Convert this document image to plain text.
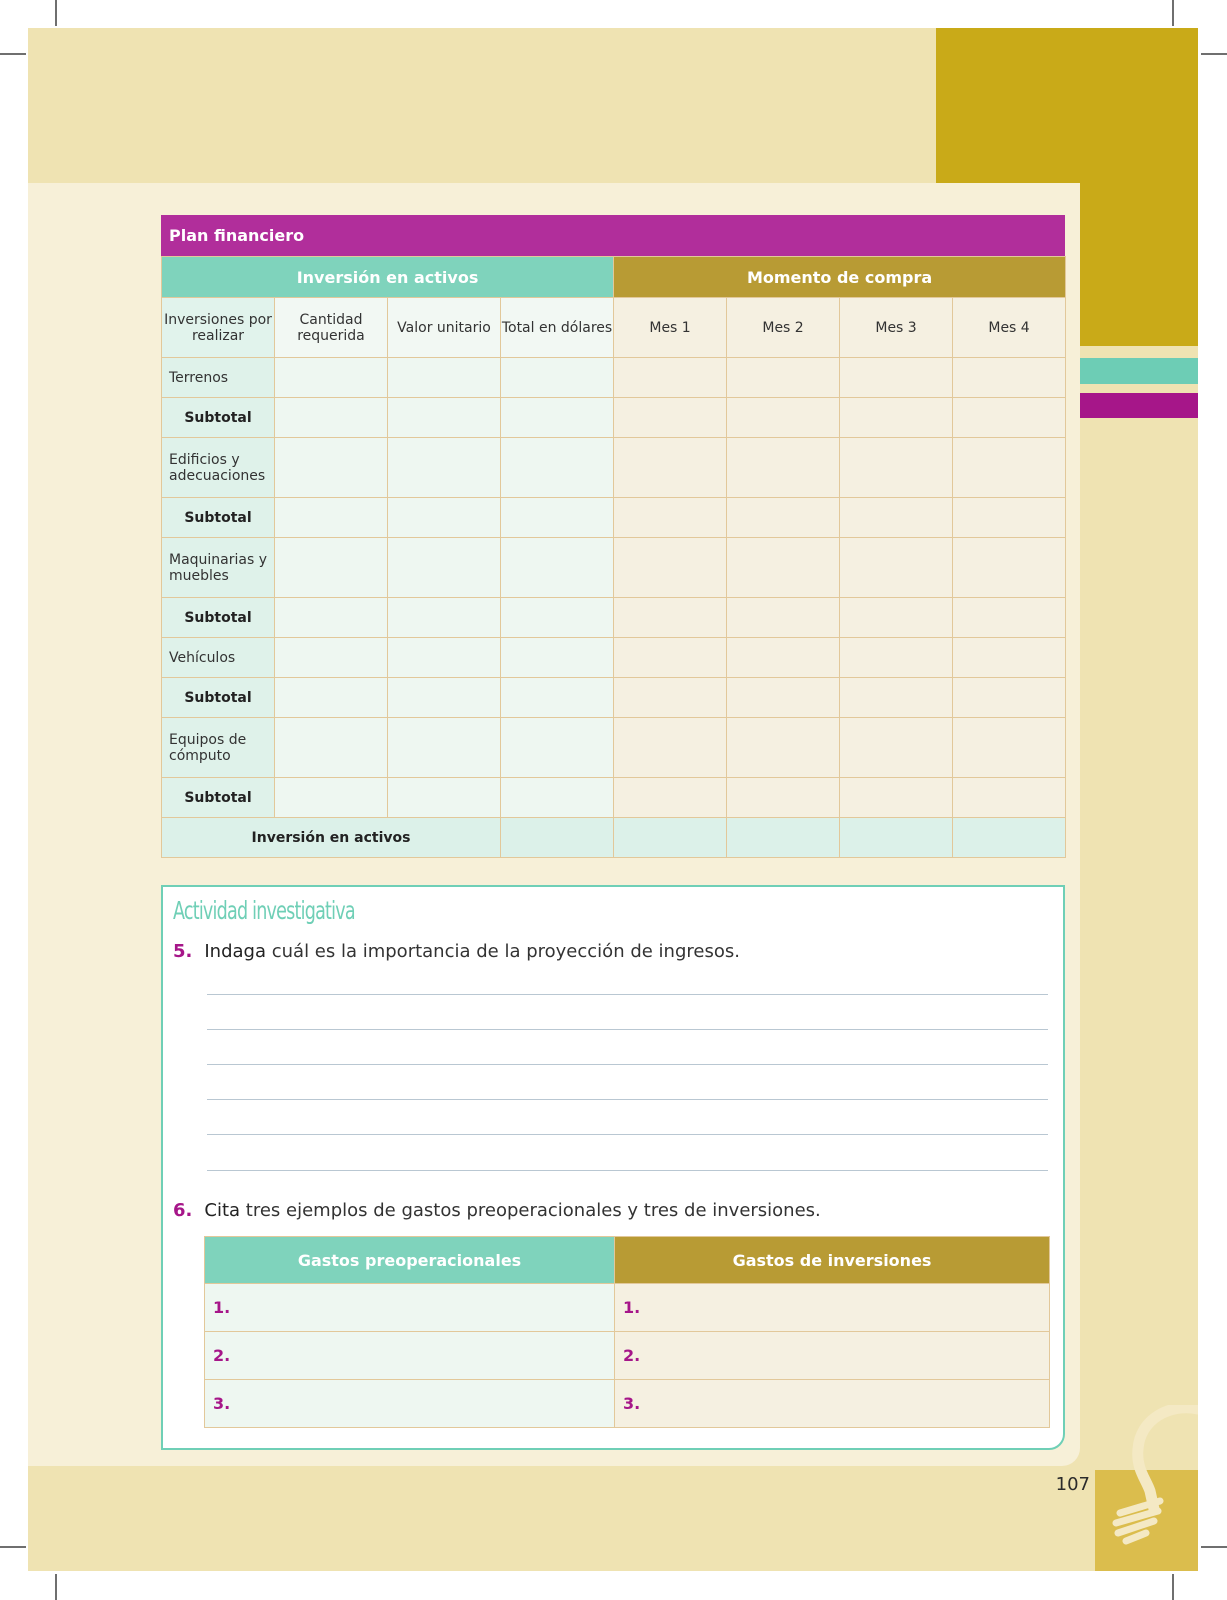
Plan financiero
Inversión en activos				Momento de compra			
Inversiones por realizar	Cantidad requerida	Valor unitario	Total en dólares	Mes 1	Mes 2	Mes 3	Mes 4
Terrenos							
Subtotal							
Edificios y adecuaciones							
Subtotal							
Maquinarias y muebles							
Subtotal							
Vehículos							
Subtotal							
Equipos de cómputo							
Subtotal							
Inversión en activos							
Actividad investigativa
5. Indaga cuál es la importancia de la proyección de ingresos.
6. Cita tres ejemplos de gastos preoperacionales y tres de inversiones.
Gastos preoperacionales	Gastos de inversiones
1.	1.
2.	2.
3.	3.
107
